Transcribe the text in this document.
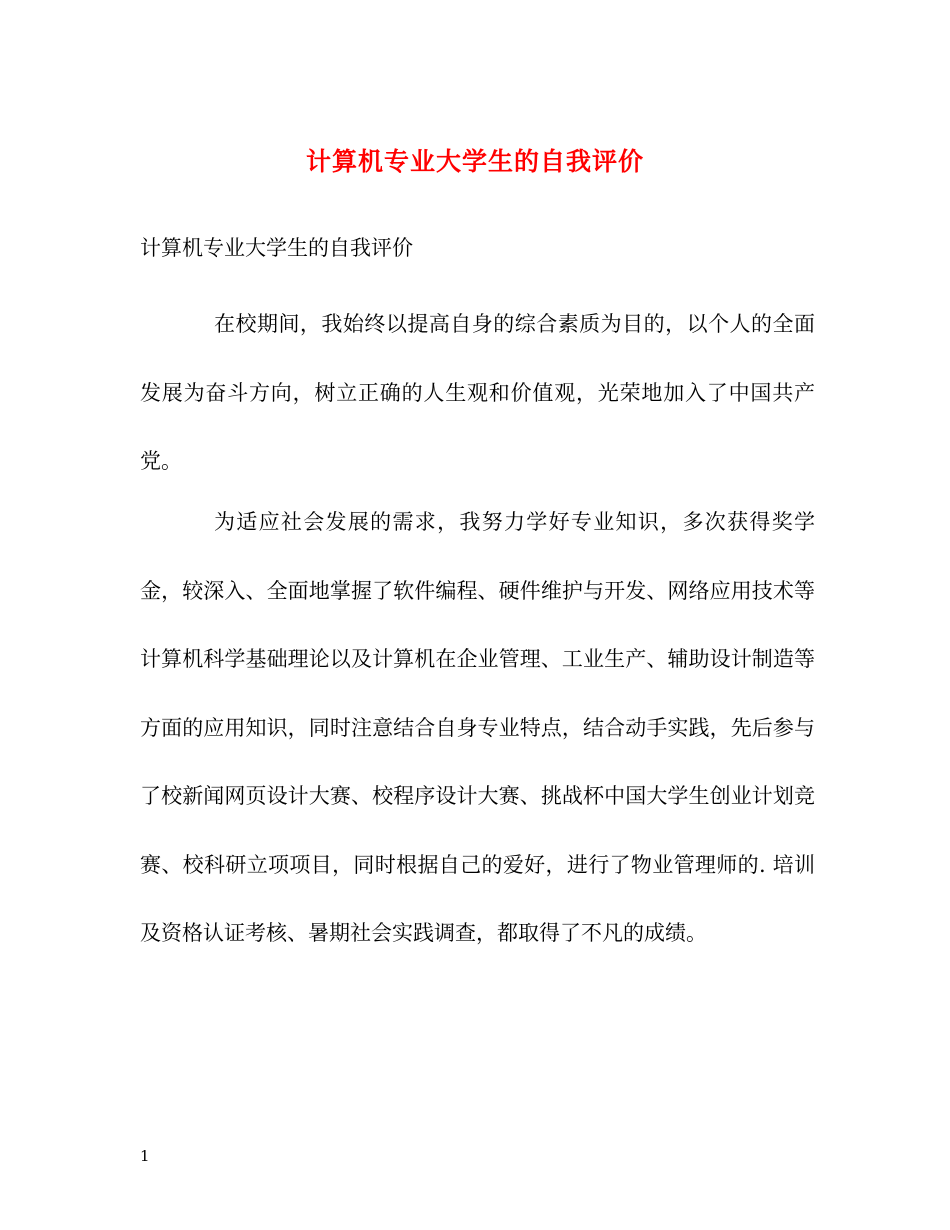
计算机专业大学生的自我评价
计算机专业大学生的自我评价

在校期间，我始终以提高自身的综合素质为目的，以个人的全面发展为奋斗方向，树立正确的人生观和价值观，光荣地加入了中国共产党。

为适应社会发展的需求，我努力学好专业知识，多次获得奖学金，较深入、全面地掌握了软件编程、硬件维护与开发、网络应用技术等计算机科学基础理论以及计算机在企业管理、工业生产、辅助设计制造等方面的应用知识，同时注意结合自身专业特点，结合动手实践，先后参与了校新闻网页设计大赛、校程序设计大赛、挑战杯中国大学生创业计划竞赛、校科研立项项目，同时根据自己的爱好，进行了物业管理师的. 培训及资格认证考核、暑期社会实践调查，都取得了不凡的成绩。

1
